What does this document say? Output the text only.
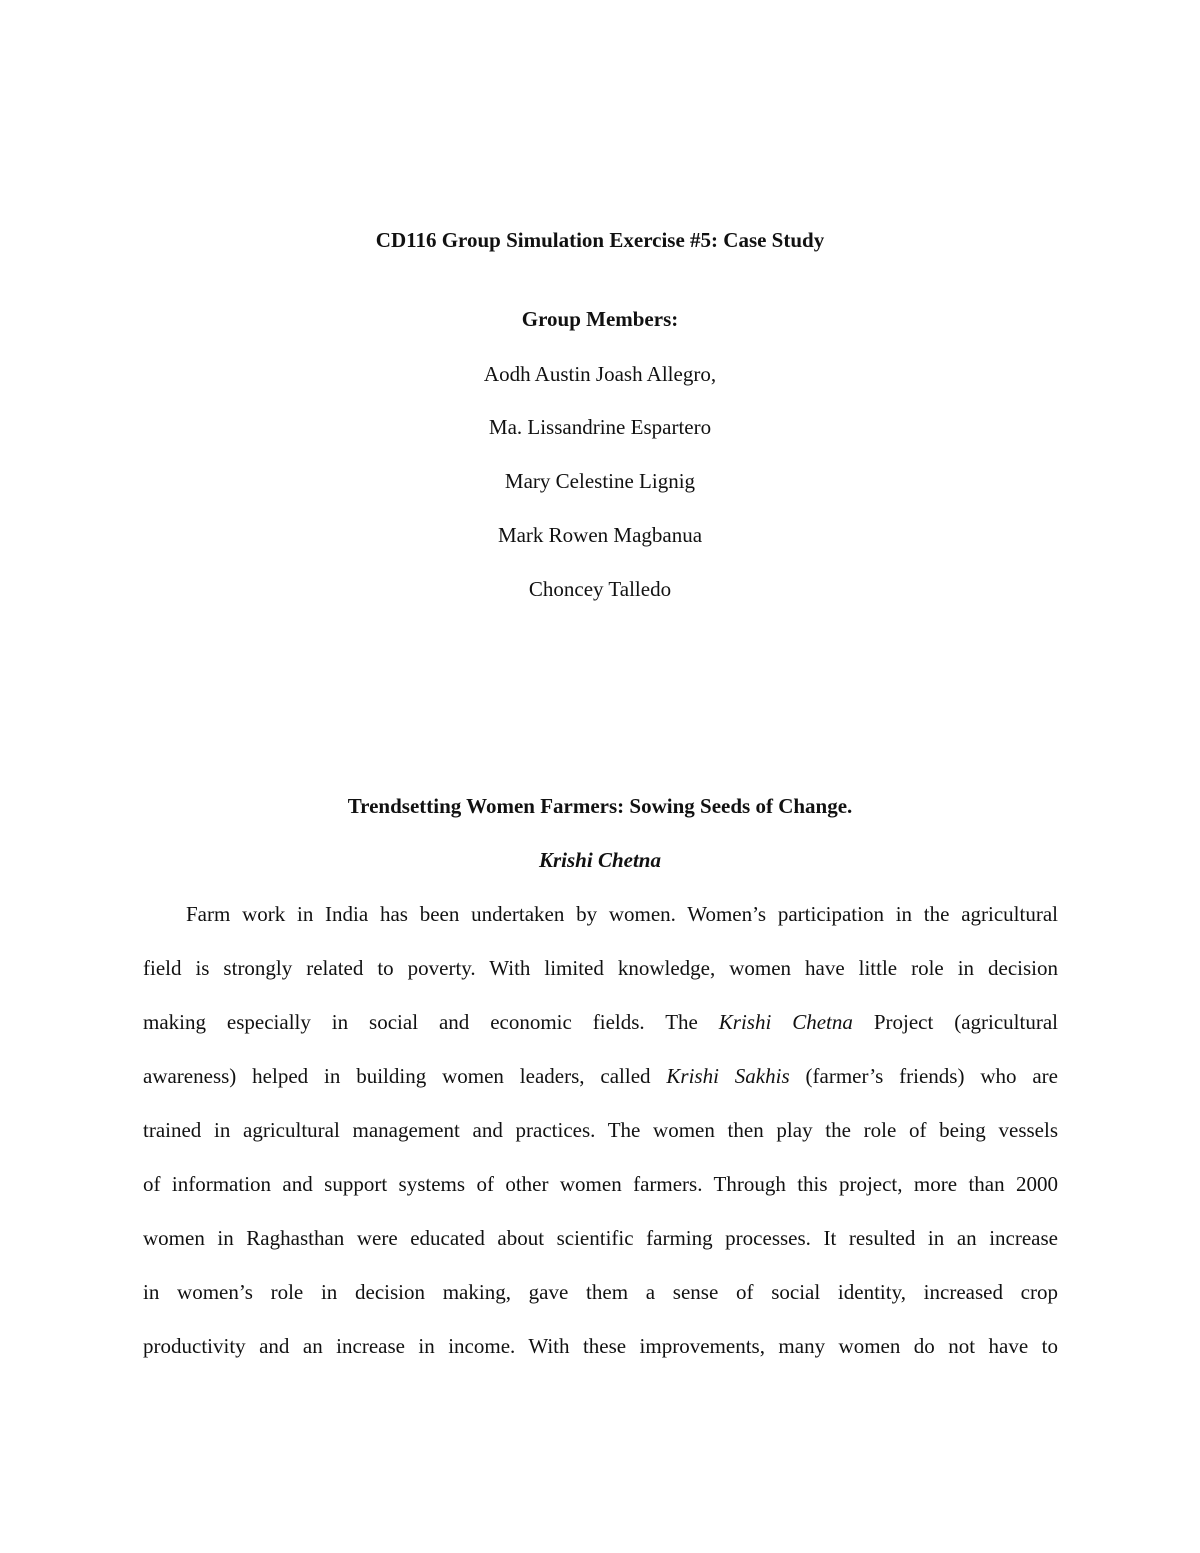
CD116 Group Simulation Exercise #5: Case Study
Group Members:
Aodh Austin Joash Allegro,
Ma. Lissandrine Espartero
Mary Celestine Lignig
Mark Rowen Magbanua
Choncey Talledo
Trendsetting Women Farmers: Sowing Seeds of Change.
Krishi Chetna
Farm work in India has been undertaken by women. Women’s participation in the agricultural
field is strongly related to poverty. With limited knowledge, women have little role in decision
making especially in social and economic fields. The Krishi Chetna Project (agricultural
awareness) helped in building women leaders, called Krishi Sakhis (farmer’s friends) who are
trained in agricultural management and practices. The women then play the role of being vessels
of information and support systems of other women farmers. Through this project, more than 2000
women in Raghasthan were educated about scientific farming processes. It resulted in an increase
in women’s role in decision making, gave them a sense of social identity, increased crop
productivity and an increase in income. With these improvements, many women do not have to
